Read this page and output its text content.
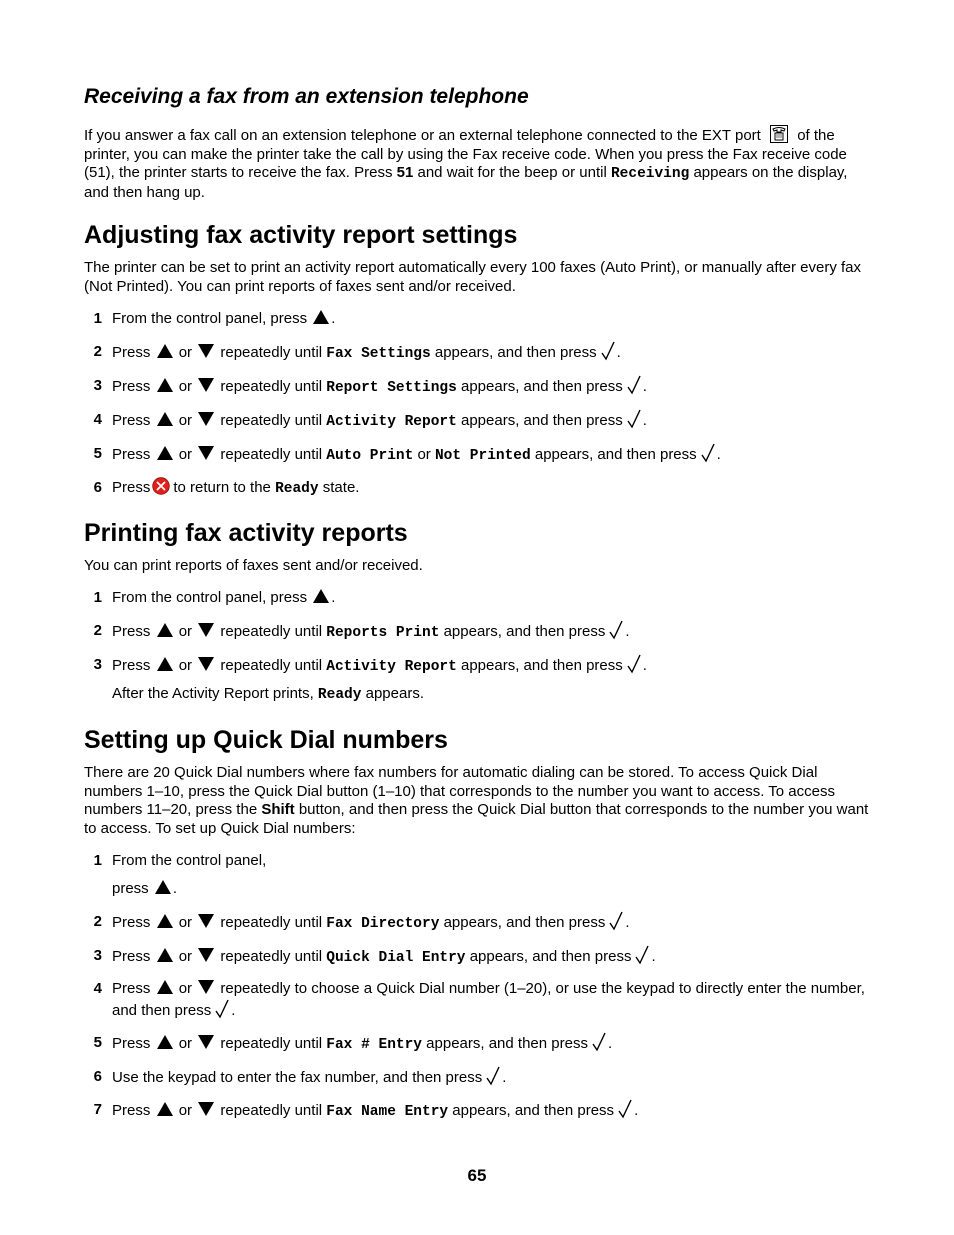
Receiving a fax from an extension telephone

If you answer a fax call on an extension telephone or an external telephone connected to the EXT port of the printer, you can make the printer take the call by using the Fax receive code. When you press the Fax receive code (51), the printer starts to receive the fax. Press 51 and wait for the beep or until Receiving appears on the display, and then hang up.

Adjusting fax activity report settings

The printer can be set to print an activity report automatically every 100 faxes (Auto Print), or manually after every fax (Not Printed). You can print reports of faxes sent and/or received.

1 From the control panel, press .
2 Press or repeatedly until Fax Settings appears, and then press .
3 Press or repeatedly until Report Settings appears, and then press .
4 Press or repeatedly until Activity Report appears, and then press .
5 Press or repeatedly until Auto Print or Not Printed appears, and then press .
6 Press to return to the Ready state.
Printing fax activity reports

You can print reports of faxes sent and/or received.

1 From the control panel, press .
2 Press or repeatedly until Reports Print appears, and then press .
3 Press or repeatedly until Activity Report appears, and then press .
After the Activity Report prints, Ready appears.
Setting up Quick Dial numbers

There are 20 Quick Dial numbers where fax numbers for automatic dialing can be stored. To access Quick Dial numbers 1–10, press the Quick Dial button (1–10) that corresponds to the number you want to access. To access numbers 11–20, press the Shift button, and then press the Quick Dial button that corresponds to the number you want to access. To set up Quick Dial numbers:

1 From the control panel,
press .
2 Press or repeatedly until Fax Directory appears, and then press .
3 Press or repeatedly until Quick Dial Entry appears, and then press .
4 Press or repeatedly to choose a Quick Dial number (1–20), or use the keypad to directly enter the number, and then press .
5 Press or repeatedly until Fax # Entry appears, and then press .
6 Use the keypad to enter the fax number, and then press .
7 Press or repeatedly until Fax Name Entry appears, and then press .
65
